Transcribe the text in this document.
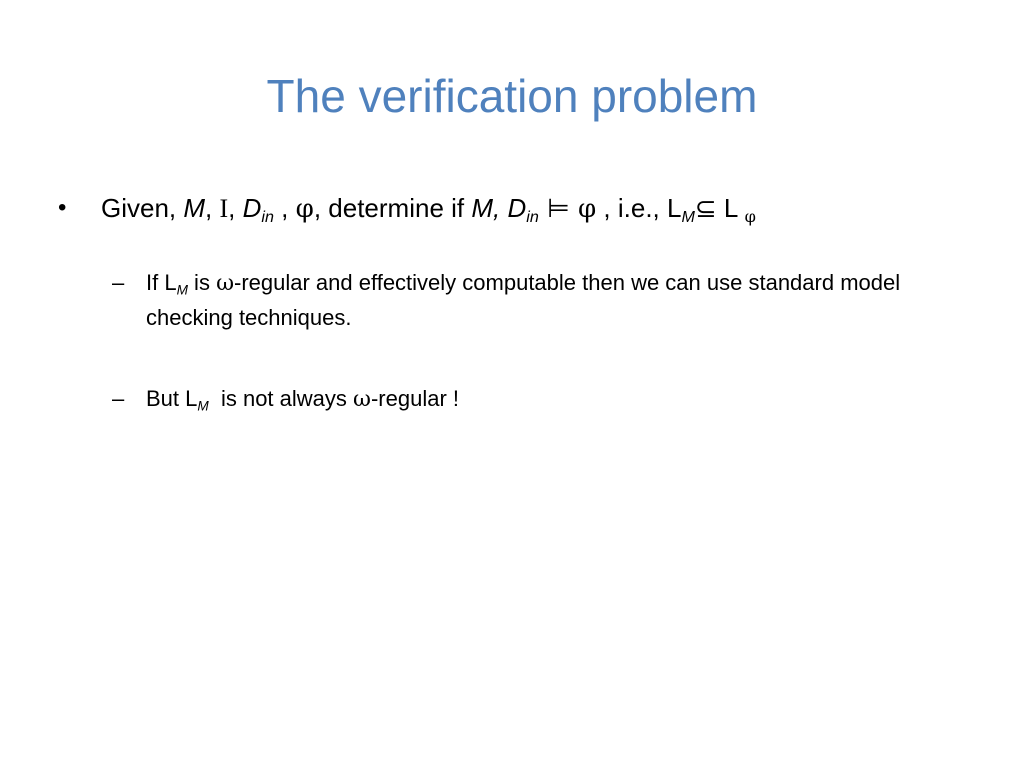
The verification problem
• Given, M, I, $D_{in}$ , φ, determine if M, $D_{in}$ ⊨ φ , i.e., $L_M⊆$ L φ
– If $L_M$ is ω-regular and effectively computable then we can use standard model checking techniques.
– But $L_M$  is not always ω-regular !
